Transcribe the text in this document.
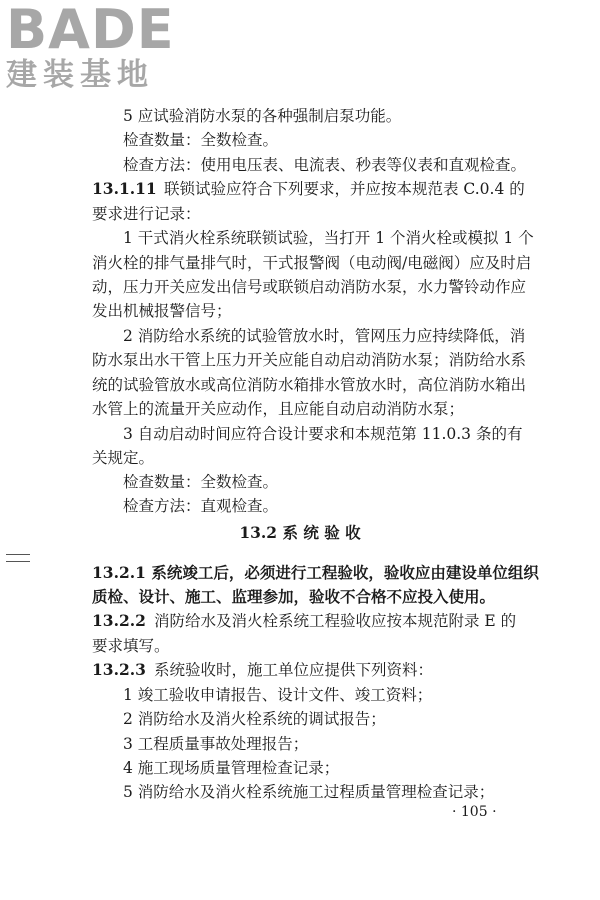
BADE
建装基地
5 应试验消防水泵的各种强制启泵功能。
检查数量：全数检查。
检查方法：使用电压表、电流表、秒表等仪表和直观检查。
13.1.11 联锁试验应符合下列要求，并应按本规范表 C.0.4 的
要求进行记录：
1 干式消火栓系统联锁试验，当打开 1 个消火栓或模拟 1 个
消火栓的排气量排气时，干式报警阀（电动阀/电磁阀）应及时启
动，压力开关应发出信号或联锁启动消防水泵，水力警铃动作应
发出机械报警信号；
2 消防给水系统的试验管放水时，管网压力应持续降低，消
防水泵出水干管上压力开关应能自动启动消防水泵；消防给水系
统的试验管放水或高位消防水箱排水管放水时，高位消防水箱出
水管上的流量开关应动作，且应能自动启动消防水泵；
3 自动启动时间应符合设计要求和本规范第 11.0.3 条的有
关规定。
检查数量：全数检查。
检查方法：直观检查。
13.2 系 统 验 收
13.2.1 系统竣工后，必须进行工程验收，验收应由建设单位组织
质检、设计、施工、监理参加，验收不合格不应投入使用。
13.2.2 消防给水及消火栓系统工程验收应按本规范附录 E 的
要求填写。
13.2.3 系统验收时，施工单位应提供下列资料：
1 竣工验收申请报告、设计文件、竣工资料；
2 消防给水及消火栓系统的调试报告；
3 工程质量事故处理报告；
4 施工现场质量管理检查记录；
5 消防给水及消火栓系统施工过程质量管理检查记录；
· 105 ·
